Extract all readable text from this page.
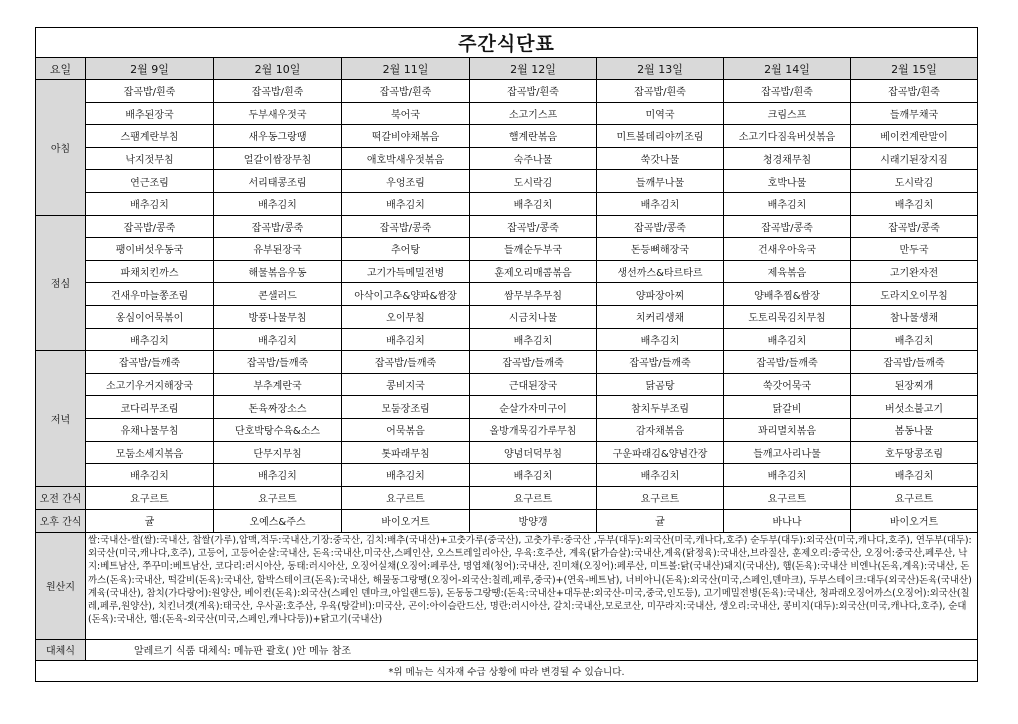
주간식단표							
요일	2월 9일	2월 10일	2월 11일	2월 12일	2월 13일	2월 14일	2월 15일
아침	잡곡밥/흰죽	잡곡밥/흰죽	잡곡밥/흰죽	잡곡밥/흰죽	잡곡밥/흰죽	잡곡밥/흰죽	잡곡밥/흰죽
	배추된장국	두부새우젓국	북어국	소고기스프	미역국	크림스프	들깨무채국
	스팸계란부침	새우동그랑땡	떡갈비야채볶음	햄계란볶음	미트볼데리야끼조림	소고기다짐육버섯볶음	베이컨계란말이
	낙지젓무침	얼갈이쌈장무침	애호박새우젓볶음	숙주나물	쑥갓나물	청경채무침	시래기된장지짐
	연근조림	서리태콩조림	우엉조림	도시락김	들깨무나물	호박나물	도시락김
	배추김치	배추김치	배추김치	배추김치	배추김치	배추김치	배추김치
점심	잡곡밥/콩죽	잡곡밥/콩죽	잡곡밥/콩죽	잡곡밥/콩죽	잡곡밥/콩죽	잡곡밥/콩죽	잡곡밥/콩죽
	팽이버섯우동국	유부된장국	추어탕	들깨순두부국	돈등뼈해장국	건새우아욱국	만두국
	파채치킨까스	해물볶음우동	고기가득메밀전병	훈제오리매콤볶음	생선까스&타르타르	제육볶음	고기완자전
	건새우마늘쫑조림	콘샐러드	아삭이고추&양파&쌈장	쌈무부추무침	양파장아찌	양배추찜&쌈장	도라지오이무침
	옹심이어묵볶이	방풍나물무침	오이무침	시금치나물	치커리생채	도토리묵김치무침	참나물생채
	배추김치	배추김치	배추김치	배추김치	배추김치	배추김치	배추김치
저녁	잡곡밥/들깨죽	잡곡밥/들깨죽	잡곡밥/들깨죽	잡곡밥/들깨죽	잡곡밥/들깨죽	잡곡밥/들깨죽	잡곡밥/들깨죽
	소고기우거지해장국	부추계란국	콩비지국	근대된장국	닭곰탕	쑥갓어묵국	된장찌개
	코다리무조림	돈육짜장소스	모둠장조림	순살가자미구이	참치두부조림	닭갈비	버섯소불고기
	유채나물무침	단호박탕수육&소스	어묵볶음	올방개묵김가루무침	감자채볶음	꽈리멸치볶음	봄동나물
	모둠소세지볶음	단무지무침	톳파래무침	양념더덕무침	구운파래김&양념간장	들깨고사리나물	호두땅콩조림
	배추김치	배추김치	배추김치	배추김치	배추김치	배추김치	배추김치
오전 간식	요구르트	요구르트	요구르트	요구르트	요구르트	요구르트	요구르트
오후 간식	귤	오예스&주스	바이오거트	방양갱	귤	바나나	바이오거트
원산지	쌀:국내산-쌀(쌀):국내산, 찹쌀(가루),압맥,적두:국내산,기장:중국산, 김치:배추(국내산)+고춧가루(중국산), 고춧가루:중국산 ,두부(대두):외국산(미국,캐나다,호주) 순두부(대두):외국산(미국,캐나다,호주), 연두부(대두):외국산(미국,캐나다,호주), 고등어, 고등어순살:국내산, 돈육:국내산,미국산,스페인산, 오스트레일리아산, 우육:호주산, 계육(닭가슴살):국내산,계육(닭정육):국내산,브라질산, 훈제오리:중국산, 오징어:중국산,페루산, 낙지:베트남산, 쭈꾸미:베트남산, 코다리:러시아산, 동태:러시아산, 오징어실채(오징어:페루산, 명엽채(청어):국내산, 진미채(오징어):페루산, 미트볼:닭(국내산)돼지(국내산), 햄(돈육):국내산 비엔나(돈육,계육):국내산, 돈까스(돈육):국내산, 떡갈비(돈육):국내산, 함박스테이크(돈육):국내산, 해물동그랑땡(오징어-외국산:칠레,페루,중국)+(연육-베트남), 너비아니(돈육):외국산(미국,스페인,덴마크), 두부스테이크:대두(외국산)돈육(국내산)계육(국내산), 참치(가다랑어):원양산, 베이컨(돈육):외국산(스페인 덴마크,아일랜드등), 돈동동그랑땡:(돈육:국내산+대두분:외국산-미국,중국,인도등), 고기메밀전병(돈육):국내산, 청파래오징어까스(오징어):외국산(칠레,페루,원양산), 치킨너겟(계육):태국산, 우사골:호주산, 우육(탕갈비):미국산, 곤이:아이슬란드산, 명란:러시아산, 갈치:국내산,모로코산, 미꾸라지:국내산, 생오리:국내산, 콩비지(대두):외국산(미국,캐나다,호주), 순대(돈육):국내산, 햄:(돈육-외국산(미국,스페인,캐나다등))+닭고기(국내산)						
대체식	알레르기 식품 대체식: 메뉴판 괄호( )안 메뉴 참조						
*위 메뉴는 식자재 수급 상황에 따라 변경될 수 있습니다.							
